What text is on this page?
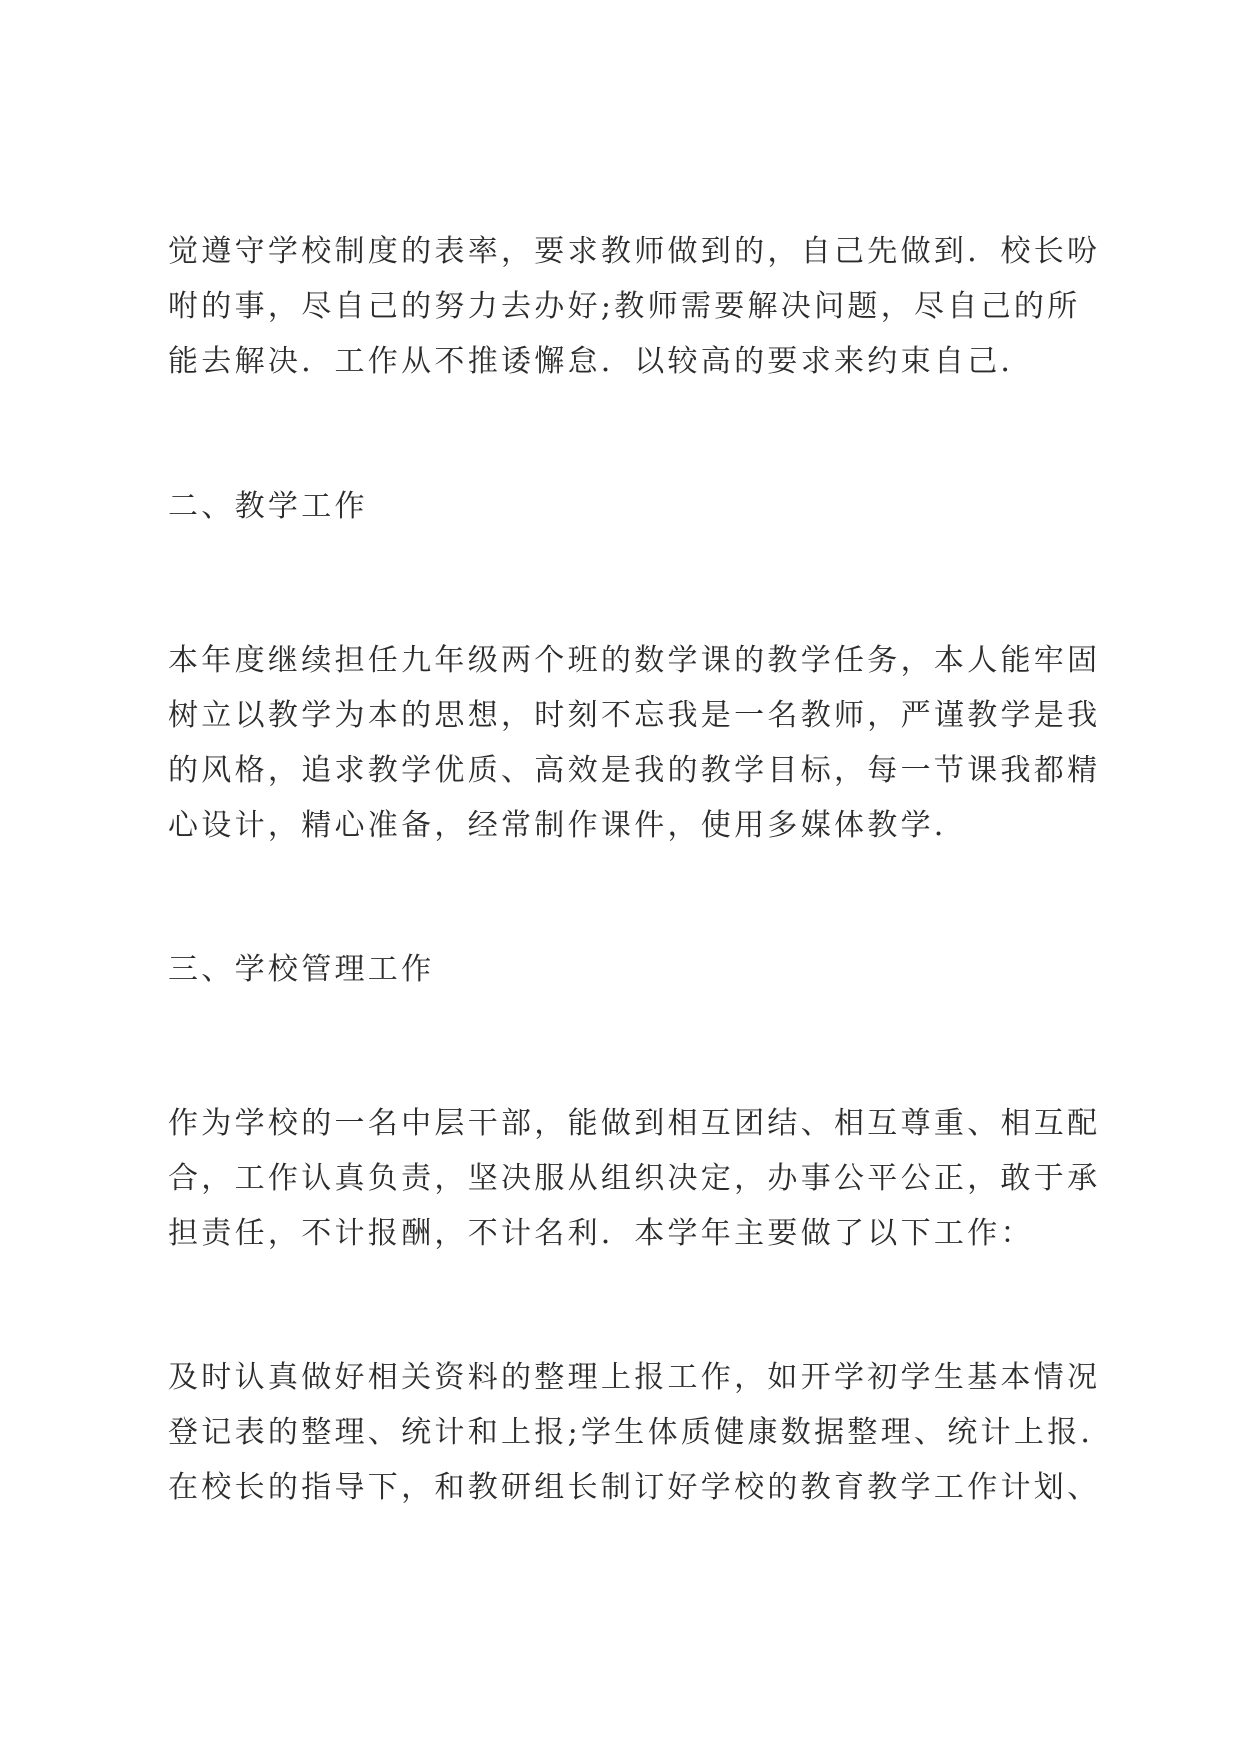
觉遵守学校制度的表率，要求教师做到的，自己先做到．校长吩
咐的事，尽自己的努力去办好;教师需要解决问题，尽自己的所
能去解决．工作从不推诿懈怠．以较高的要求来约束自己．
二、教学工作
本年度继续担任九年级两个班的数学课的教学任务，本人能牢固
树立以教学为本的思想，时刻不忘我是一名教师，严谨教学是我
的风格，追求教学优质、高效是我的教学目标，每一节课我都精
心设计，精心准备，经常制作课件，使用多媒体教学．
三、学校管理工作
作为学校的一名中层干部，能做到相互团结、相互尊重、相互配
合，工作认真负责，坚决服从组织决定，办事公平公正，敢于承
担责任，不计报酬，不计名利．本学年主要做了以下工作：
及时认真做好相关资料的整理上报工作，如开学初学生基本情况
登记表的整理、统计和上报;学生体质健康数据整理、统计上报．
在校长的指导下，和教研组长制订好学校的教育教学工作计划、
